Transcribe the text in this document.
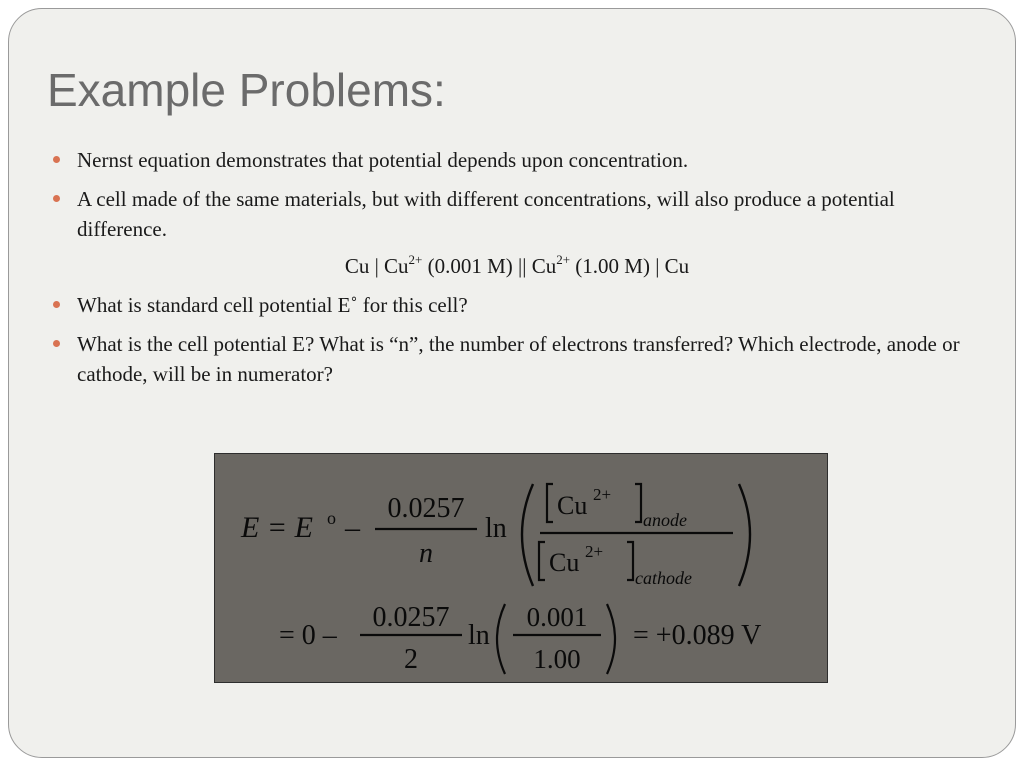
Example Problems:
Nernst equation demonstrates that potential depends upon concentration.
A cell made of the same materials, but with different concentrations, will also produce a potential difference.
Cu | $Cu^{2+}$ (0.001 M) || $Cu^{2+}$ (1.00 M) | Cu
What is standard cell potential E˚ for this cell?
What is the cell potential E? What is “n”, the number of electrons transferred? Which electrode, anode or cathode, will be in numerator?
E = E o –
0.0257
n
ln
Cu 2+
anode
Cu 2+
cathode
= 0 –
0.0257
2
ln
0.001
1.00
= +0.089 V
